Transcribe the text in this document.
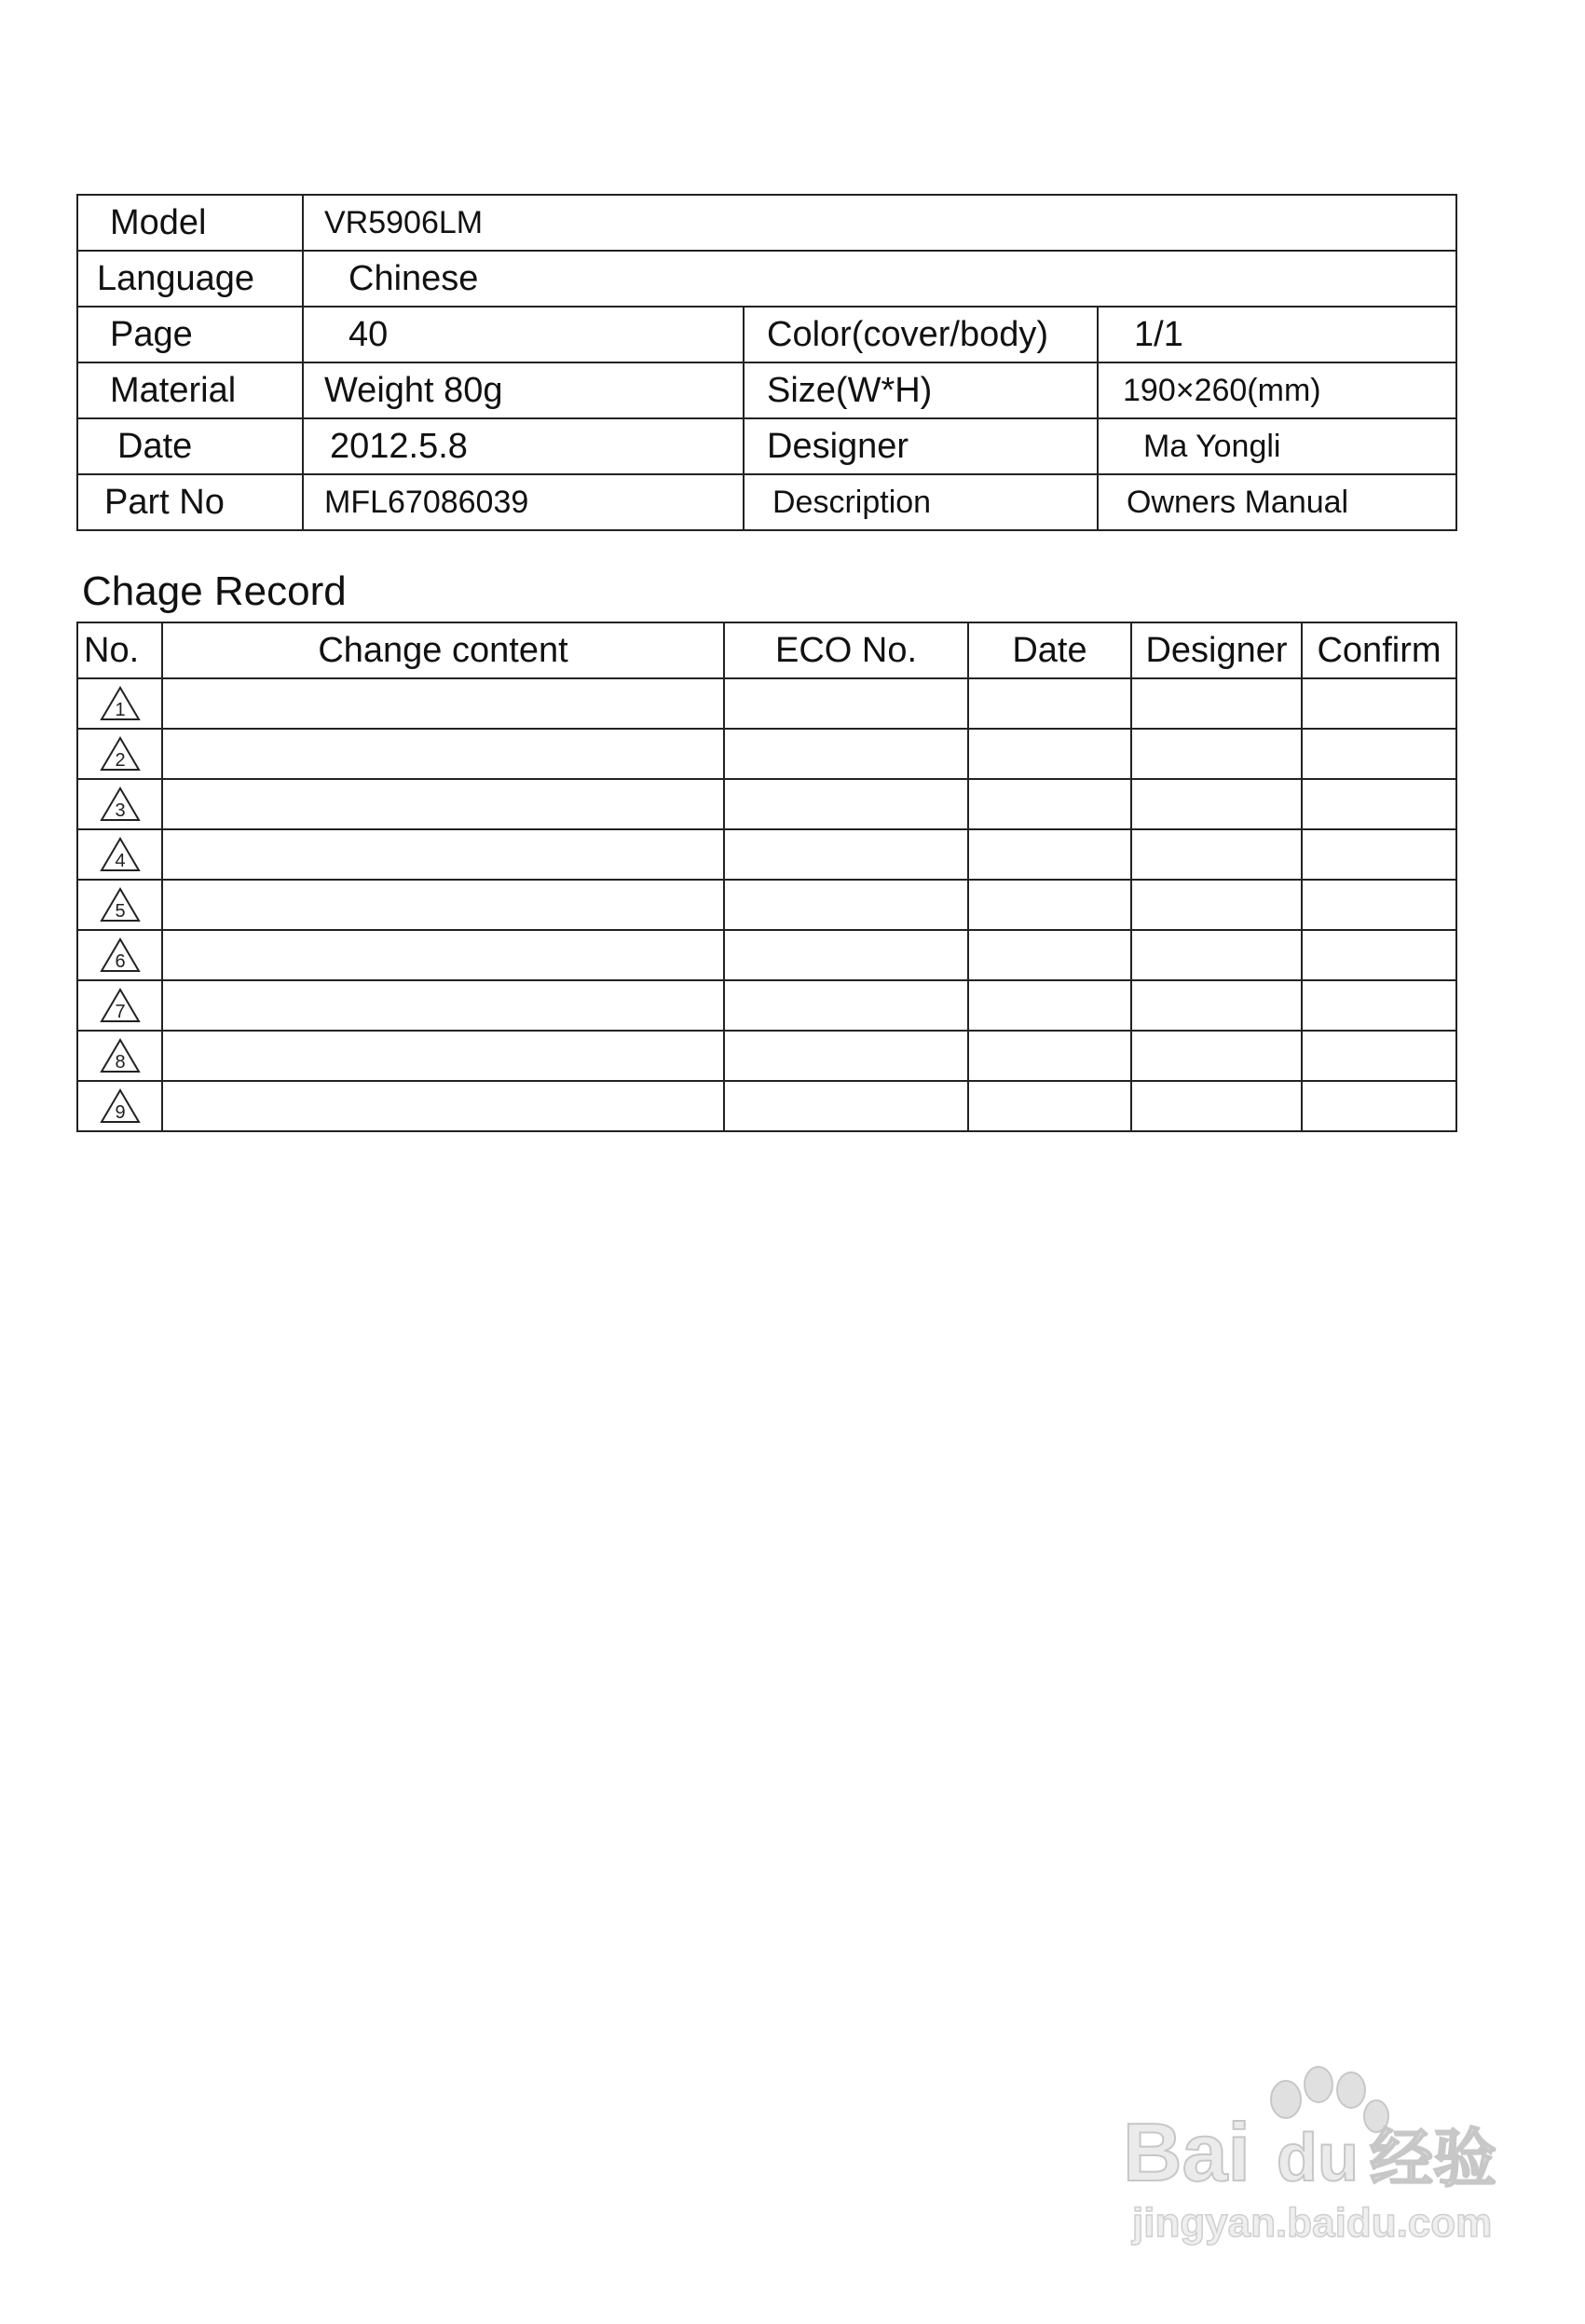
Model	VR5906LM		
Language	Chinese		
Page	40	Color(cover/body)	1/1
Material	Weight 80g	Size(W*H)	190×260(mm)
Date	2012.5.8	Designer	Ma Yongli
Part No	MFL67086039	Description	Owners Manual
Chage Record
No.	Change content	ECO No.	Date	Designer	Confirm

1					

2					

3					

4					

5					

6					

7					

8					

9					

Bai du 经验
jingyan.baidu.com
